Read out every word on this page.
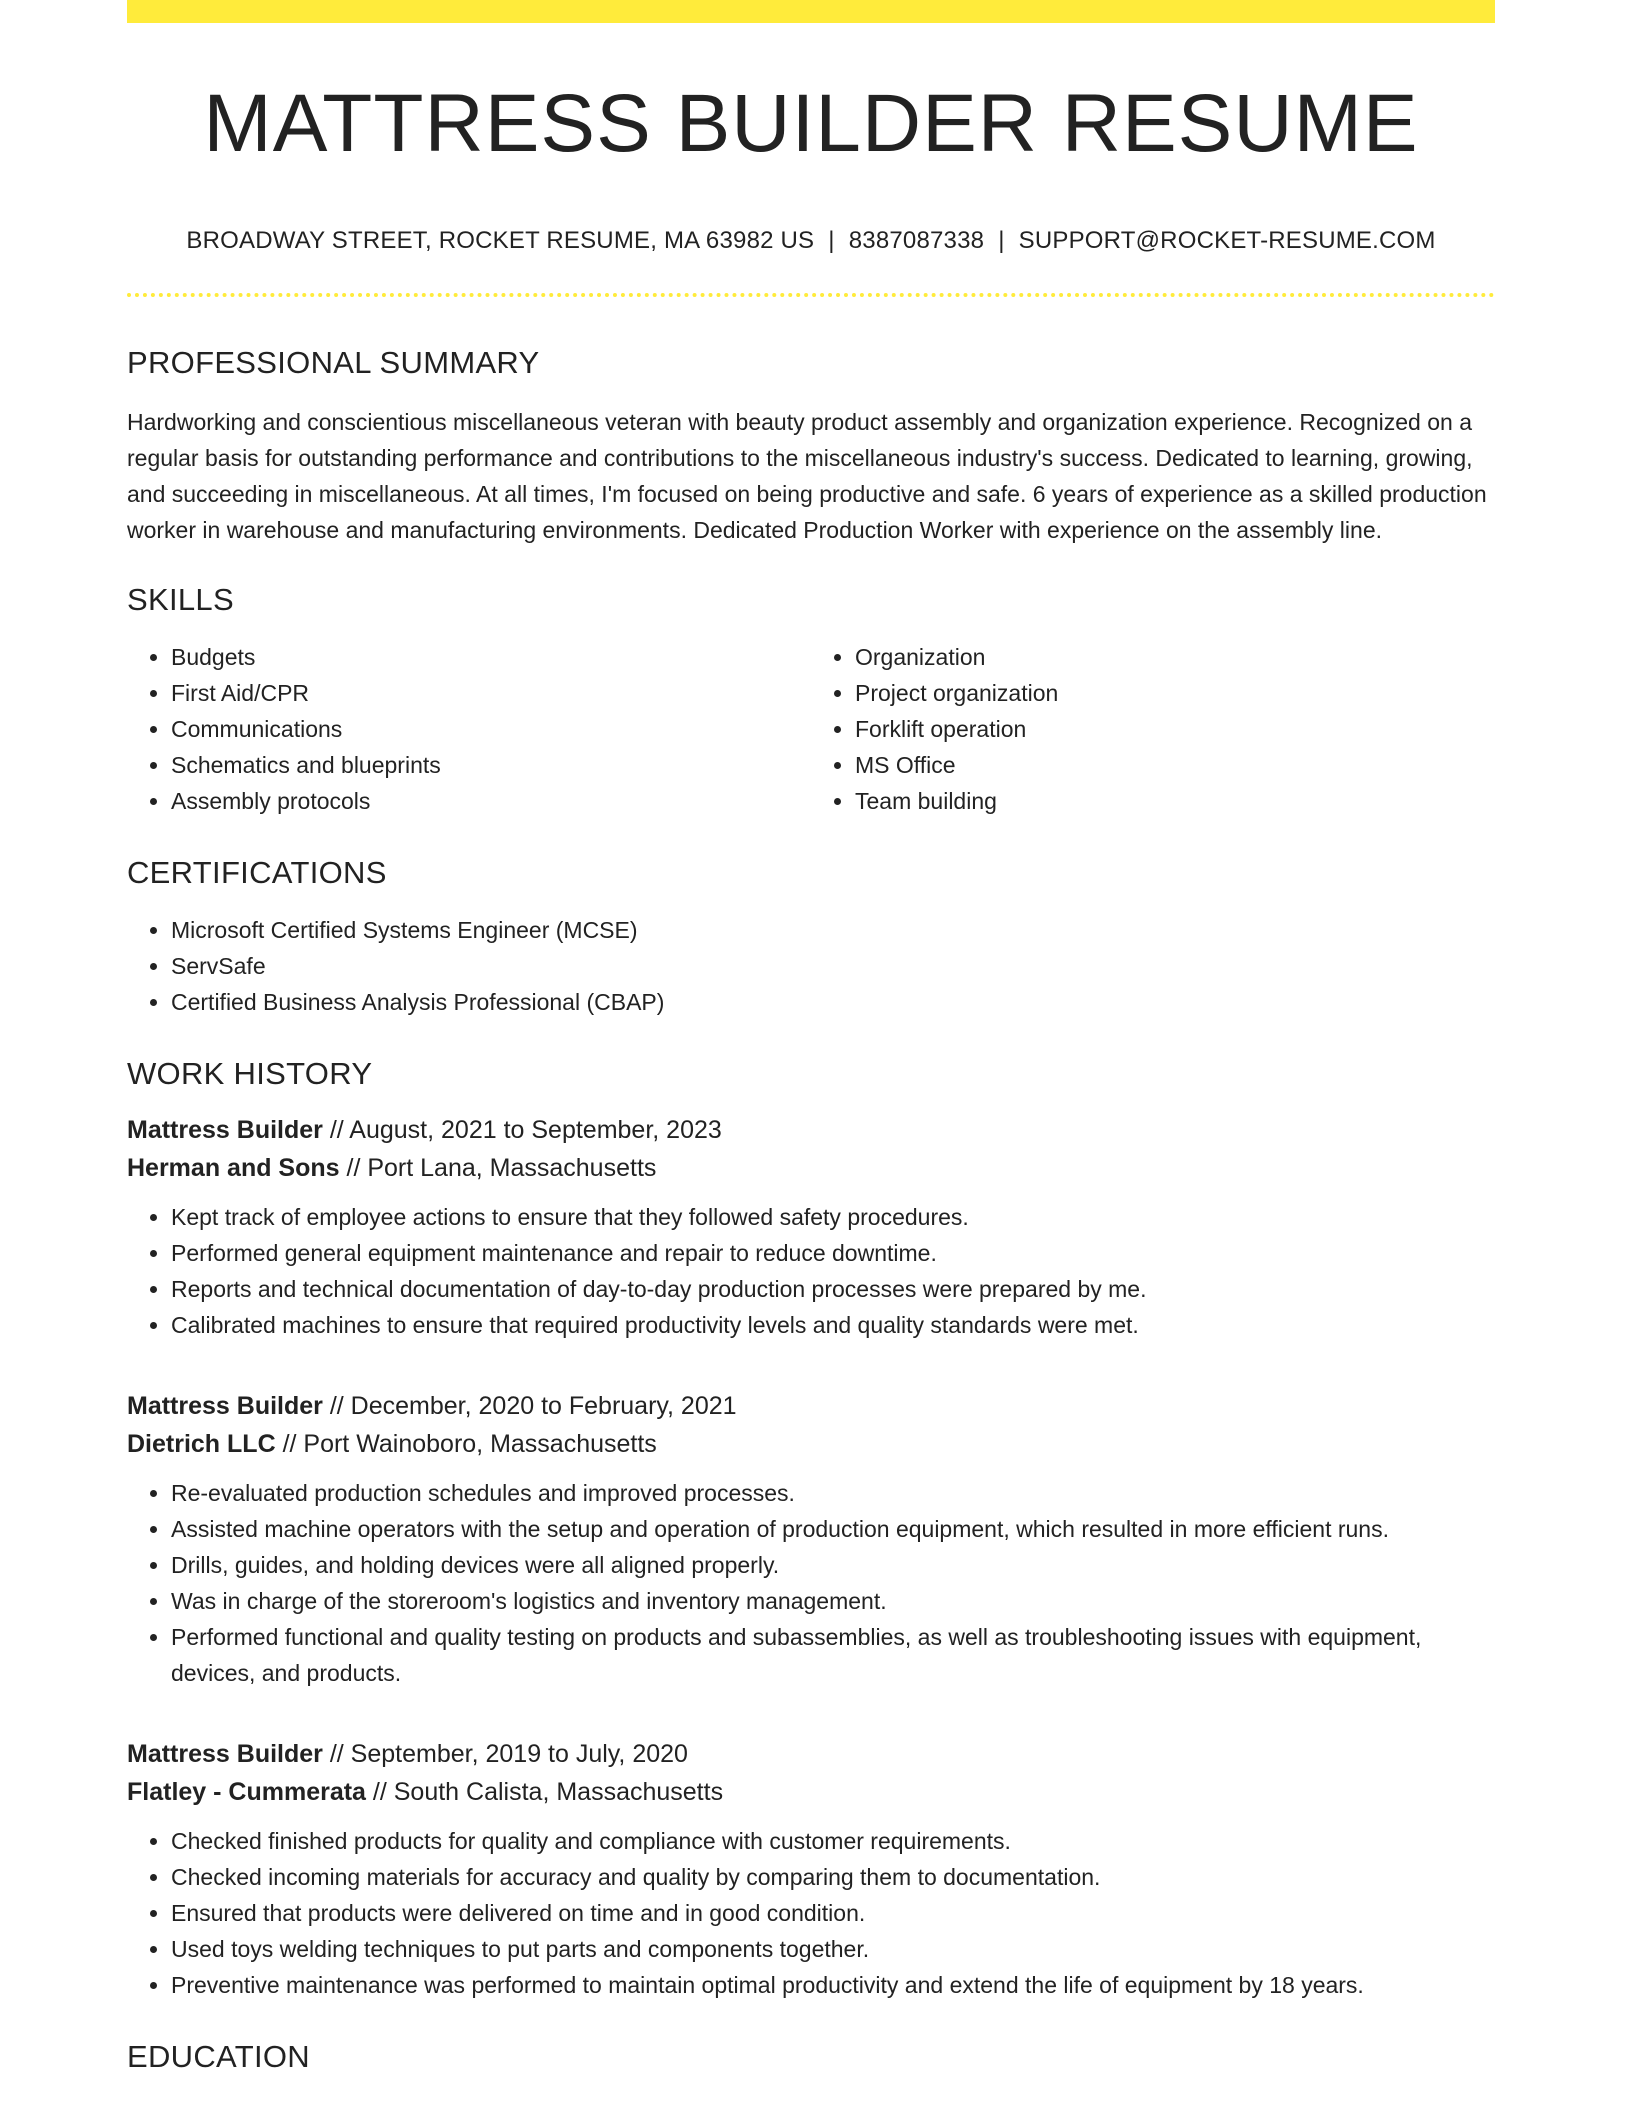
MATTRESS BUILDER RESUME
BROADWAY STREET, ROCKET RESUME, MA 63982 US | 8387087338 | SUPPORT@ROCKET-RESUME.COM
PROFESSIONAL SUMMARY

Hardworking and conscientious miscellaneous veteran with beauty product assembly and organization experience. Recognized on a regular basis for outstanding performance and contributions to the miscellaneous industry's success. Dedicated to learning, growing, and succeeding in miscellaneous. At all times, I'm focused on being productive and safe. 6 years of experience as a skilled production worker in warehouse and manufacturing environments. Dedicated Production Worker with experience on the assembly line.

SKILLS
• Budgets
• First Aid/CPR
• Communications
• Schematics and blueprints
• Assembly protocols
• Organization
• Project organization
• Forklift operation
• MS Office
• Team building
CERTIFICATIONS
• Microsoft Certified Systems Engineer (MCSE)
• ServSafe
• Certified Business Analysis Professional (CBAP)
WORK HISTORY
Mattress Builder // August, 2021 to September, 2023
Herman and Sons // Port Lana, Massachusetts
• Kept track of employee actions to ensure that they followed safety procedures.
• Performed general equipment maintenance and repair to reduce downtime.
• Reports and technical documentation of day-to-day production processes were prepared by me.
• Calibrated machines to ensure that required productivity levels and quality standards were met.
Mattress Builder // December, 2020 to February, 2021
Dietrich LLC // Port Wainoboro, Massachusetts
• Re-evaluated production schedules and improved processes.
• Assisted machine operators with the setup and operation of production equipment, which resulted in more efficient runs.
• Drills, guides, and holding devices were all aligned properly.
• Was in charge of the storeroom's logistics and inventory management.
• Performed functional and quality testing on products and subassemblies, as well as troubleshooting issues with equipment, devices, and products.
Mattress Builder // September, 2019 to July, 2020
Flatley - Cummerata // South Calista, Massachusetts
• Checked finished products for quality and compliance with customer requirements.
• Checked incoming materials for accuracy and quality by comparing them to documentation.
• Ensured that products were delivered on time and in good condition.
• Used toys welding techniques to put parts and components together.
• Preventive maintenance was performed to maintain optimal productivity and extend the life of equipment by 18 years.
EDUCATION
